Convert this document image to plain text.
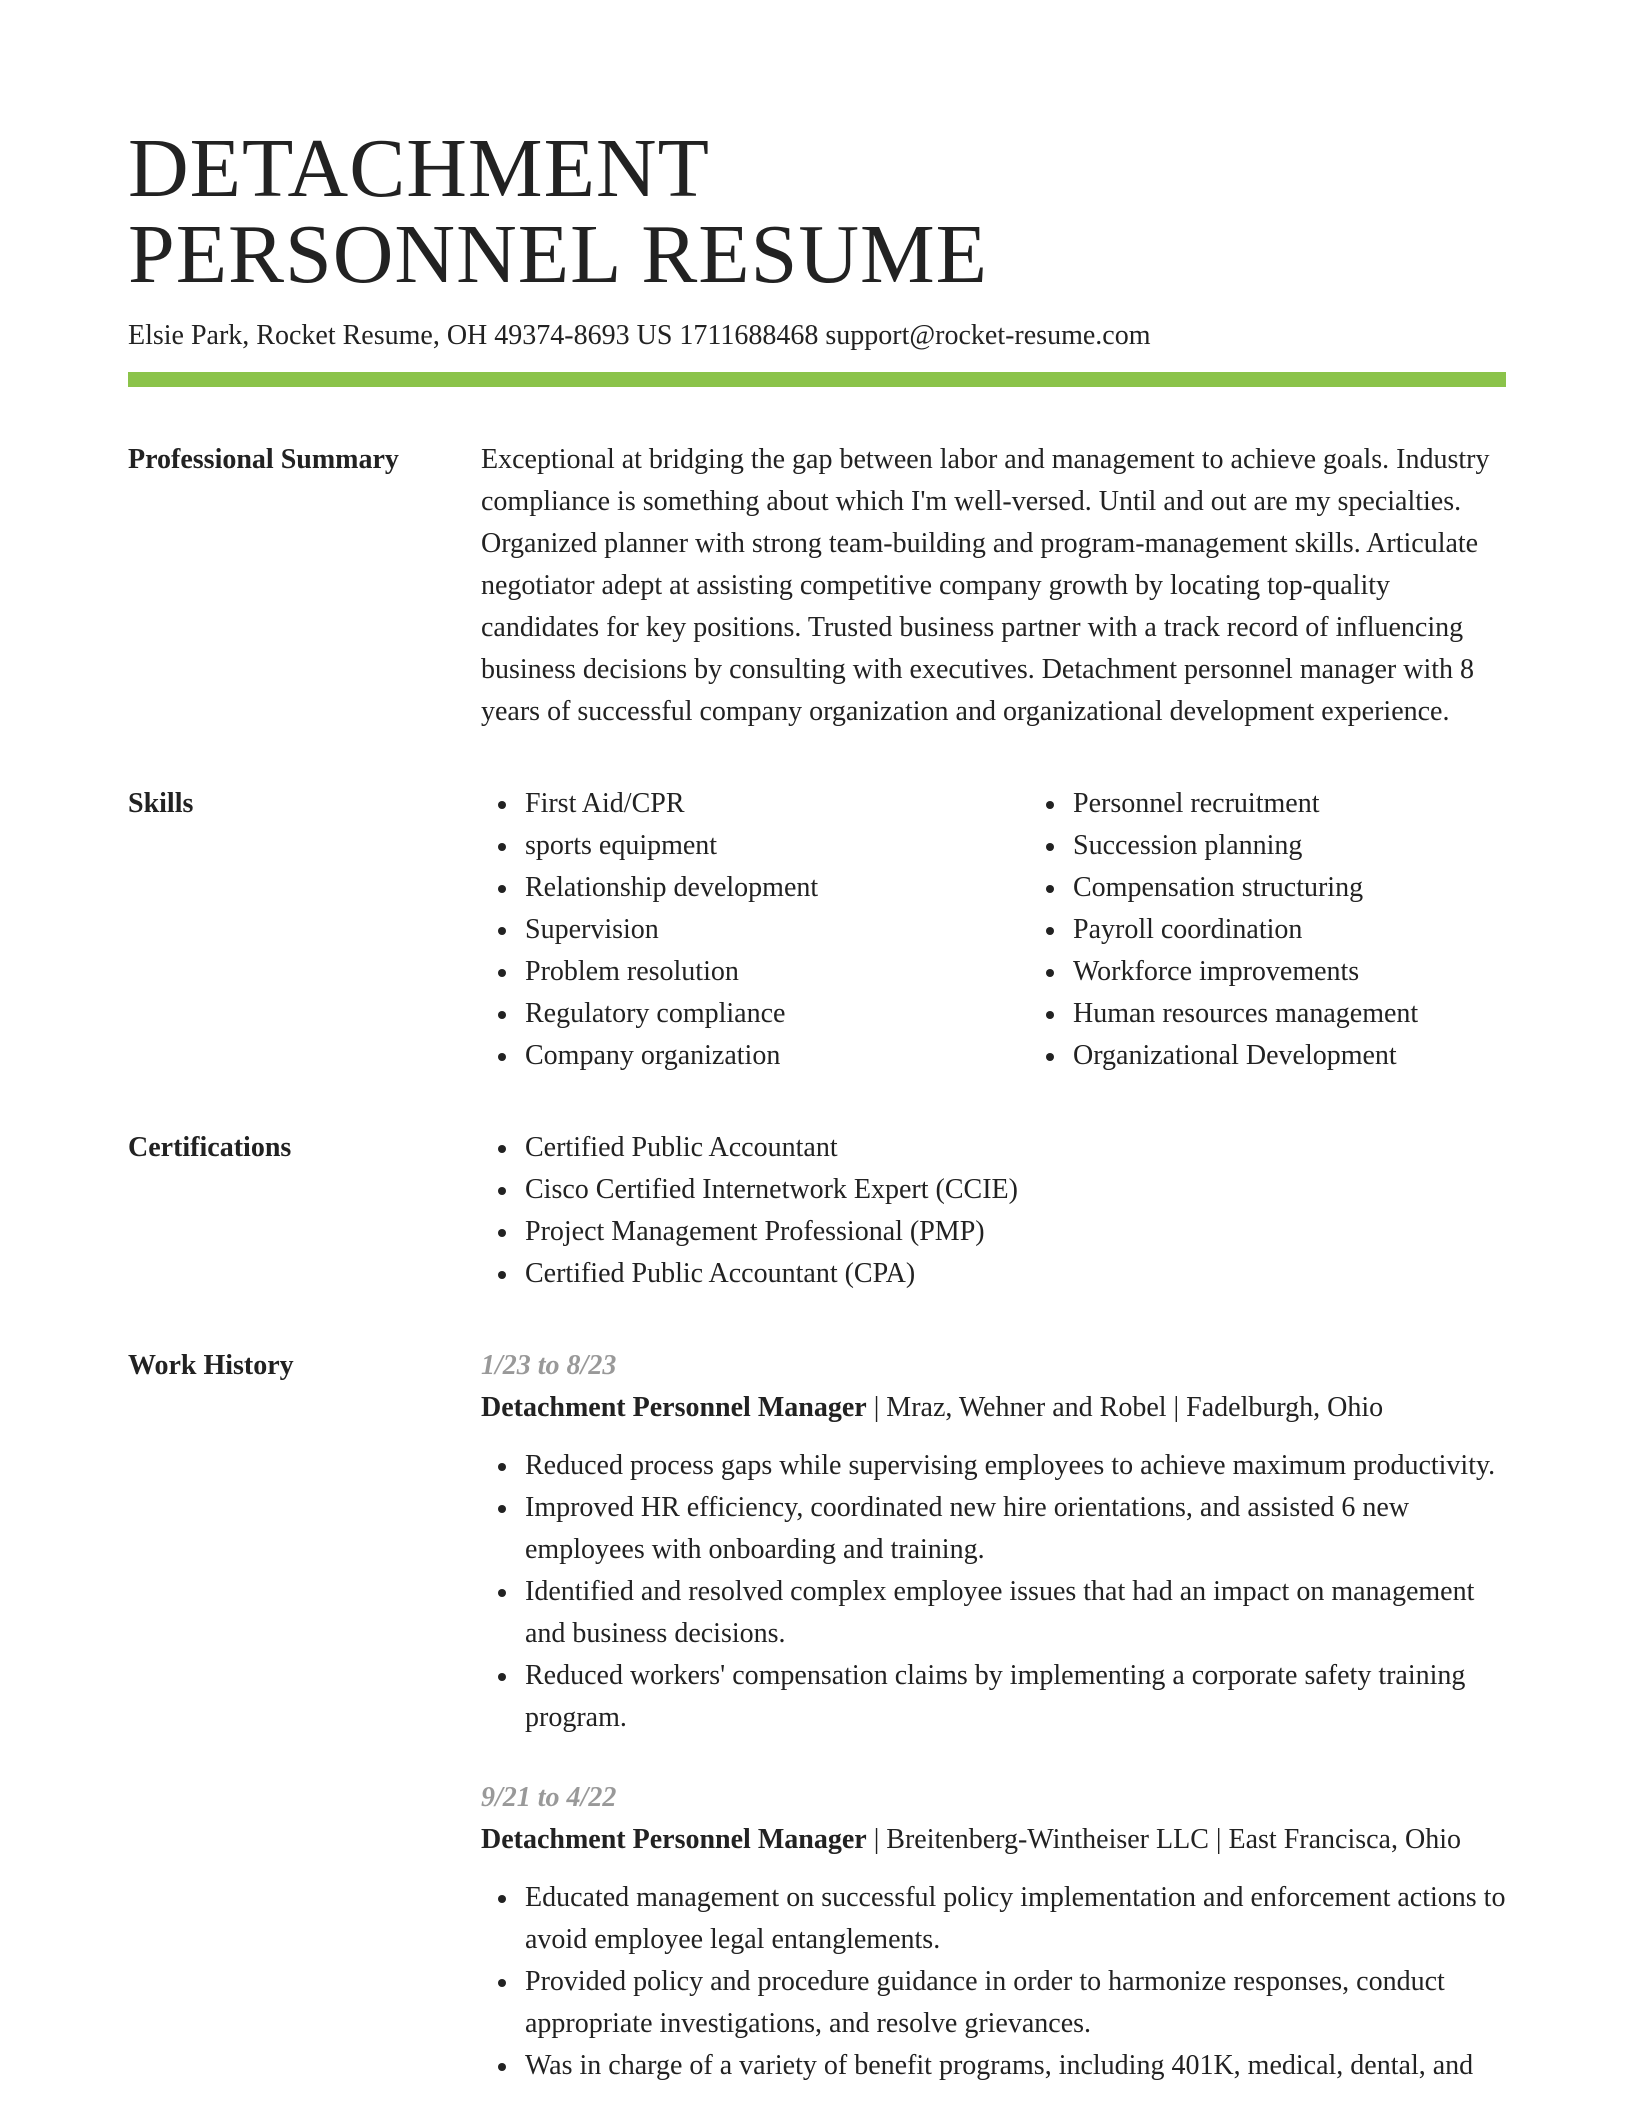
DETACHMENT
PERSONNEL RESUME
Elsie Park, Rocket Resume, OH 49374-8693 US 1711688468 support@rocket-resume.com
Professional Summary	Exceptional at bridging the gap between labor and management to achieve goals. Industry compliance is something about which I'm well-versed. Until and out are my specialties. Organized planner with strong team-building and program-management skills. Articulate negotiator adept at assisting competitive company growth by locating top-quality candidates for key positions. Trusted business partner with a track record of influencing business decisions by consulting with executives. Detachment personnel manager with 8 years of successful company organization and organizational development experience.

Skills	First Aid/CPR
sports equipment
Relationship development
Supervision
Problem resolution
Regulatory compliance
Company organization
Personnel recruitment
Succession planning
Compensation structuring
Payroll coordination
Workforce improvements
Human resources management
Organizational Development
Certifications	Certified Public Accountant
Cisco Certified Internetwork Expert (CCIE)
Project Management Professional (PMP)
Certified Public Accountant (CPA)
Work History	1/23 to 8/23
Detachment Personnel Manager | Mraz, Wehner and Robel | Fadelburgh, Ohio
Reduced process gaps while supervising employees to achieve maximum productivity.
Improved HR efficiency, coordinated new hire orientations, and assisted 6 new employees with onboarding and training.
Identified and resolved complex employee issues that had an impact on management and business decisions.
Reduced workers' compensation claims by implementing a corporate safety training program.
9/21 to 4/22
Detachment Personnel Manager | Breitenberg-Wintheiser LLC | East Francisca, Ohio
Educated management on successful policy implementation and enforcement actions to avoid employee legal entanglements.
Provided policy and procedure guidance in order to harmonize responses, conduct appropriate investigations, and resolve grievances.
Was in charge of a variety of benefit programs, including 401K, medical, dental, and
